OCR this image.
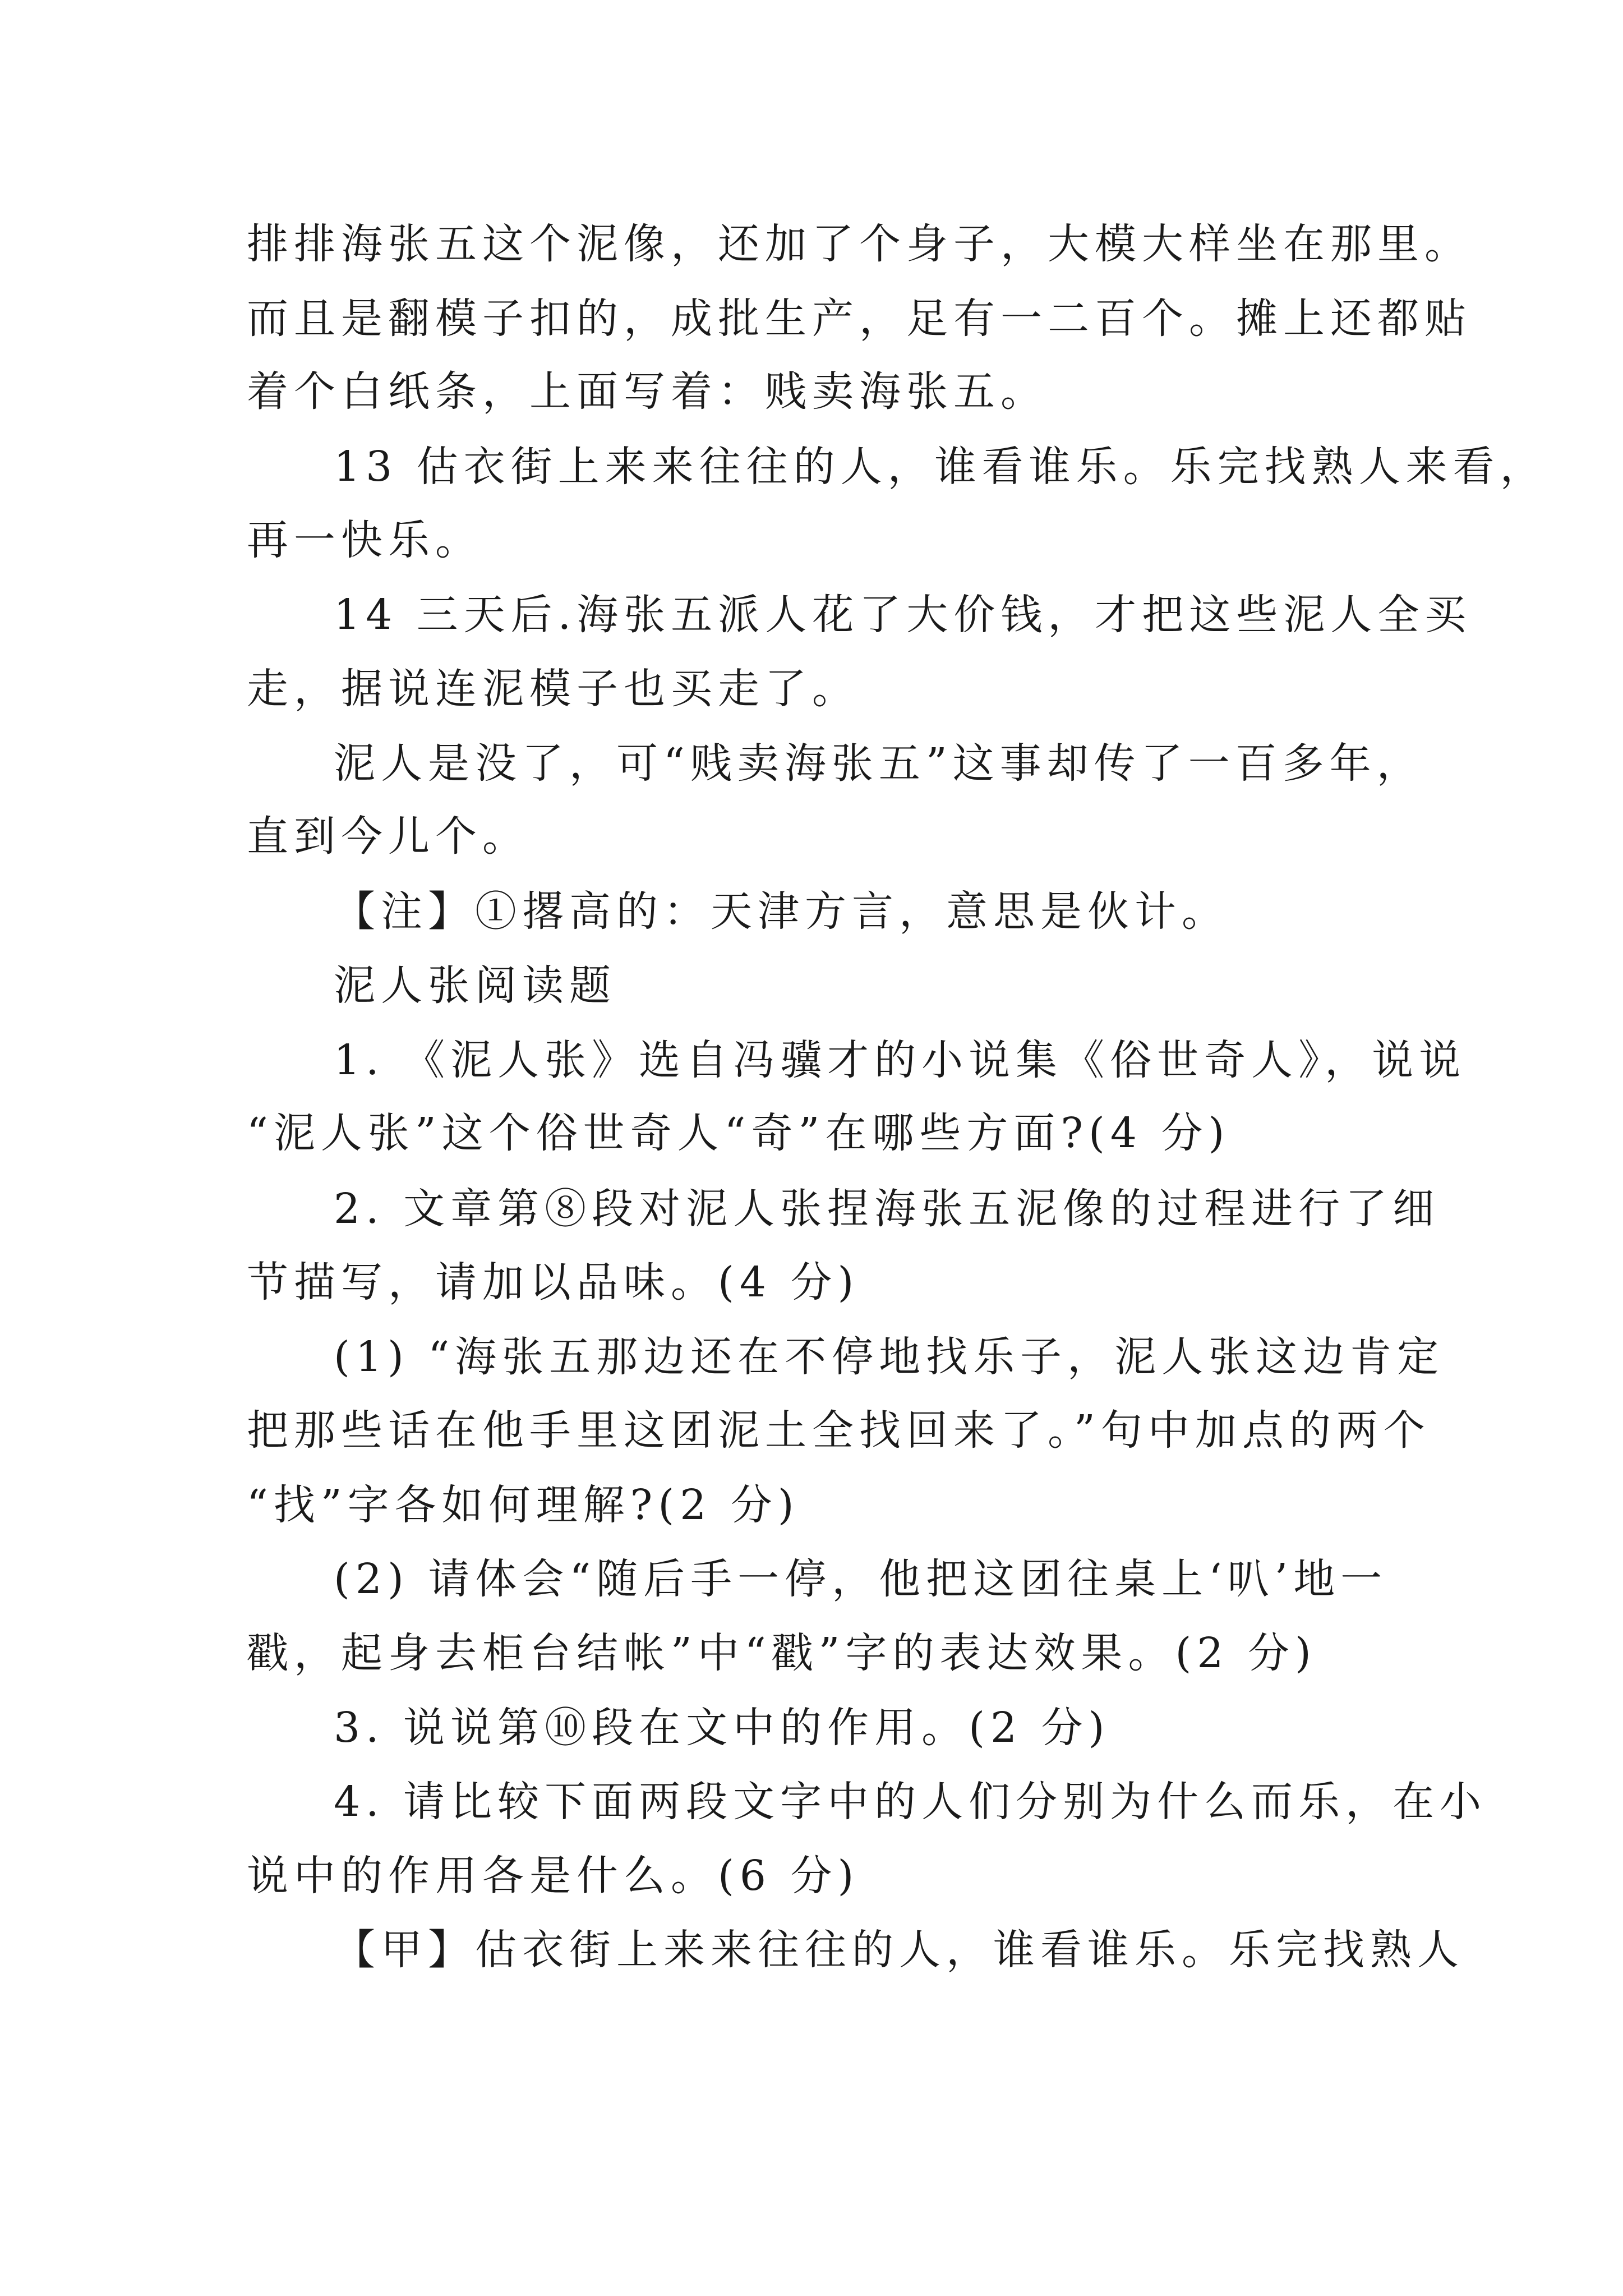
排排海张五这个泥像，还加了个身子，大模大样坐在那里。
而且是翻模子扣的，成批生产，足有一二百个。摊上还都贴
着个白纸条，上面写着：贱卖海张五。
13 估衣街上来来往往的人，谁看谁乐。乐完找熟人来看，
再一快乐。
14 三天后.海张五派人花了大价钱，才把这些泥人全买
走，据说连泥模子也买走了。
泥人是没了，可“贱卖海张五”这事却传了一百多年，
直到今儿个。
【注】①撂高的：天津方言，意思是伙计。
泥人张阅读题
1. 《泥人张》选自冯骥才的小说集《俗世奇人》，说说
“泥人张”这个俗世奇人“奇”在哪些方面?(4 分)
2. 文章第⑧段对泥人张捏海张五泥像的过程进行了细
节描写，请加以品味。(4 分)
(1) “海张五那边还在不停地找乐子，泥人张这边肯定
把那些话在他手里这团泥土全找回来了。”句中加点的两个
“找”字各如何理解?(2 分)
(2) 请体会“随后手一停，他把这团往桌上‘叭’地一
戳，起身去柜台结帐”中“戳”字的表达效果。(2 分)
3. 说说第⑩段在文中的作用。(2 分)
4. 请比较下面两段文字中的人们分别为什么而乐，在小
说中的作用各是什么。(6 分)
【甲】估衣街上来来往往的人，谁看谁乐。乐完找熟人
